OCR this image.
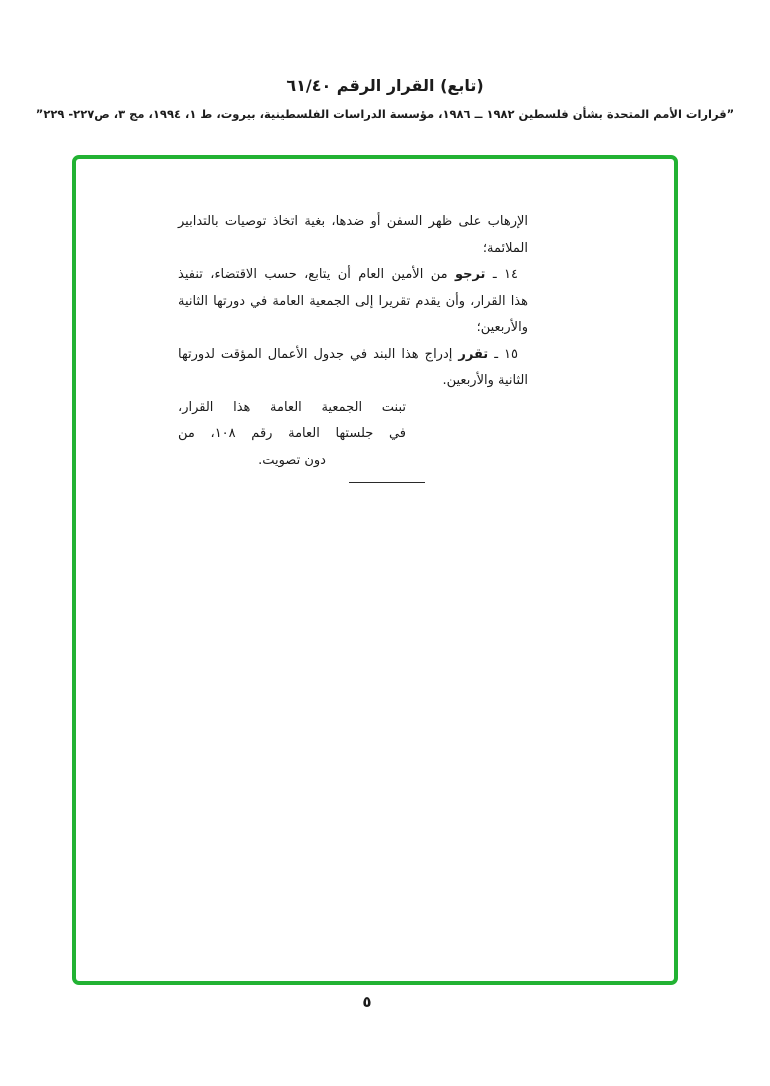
(تابع) القرار الرقم ٦١/٤٠
”قرارات الأمم المتحدة بشأن فلسطين ١٩٨٢ ــ ١٩٨٦، مؤسسة الدراسات الفلسطينية، بيروت، ط ١، ١٩٩٤، مج ٣، ص٢٢٧- ٢٢٩”
الإرهاب على ظهر السفن أو ضدها، بغية اتخاذ توصيات بالتدابير
الملائمة؛
١٤ ـ ترجو من الأمين العام أن يتابع، حسب الاقتضاء، تنفيذ
هذا القرار، وأن يقدم تقريرا إلى الجمعية العامة في دورتها الثانية
والأربعين؛
١٥ ـ تقرر إدراج هذا البند في جدول الأعمال المؤقت لدورتها
الثانية والأربعين.
تبنت الجمعية العامة هذا القرار،
في جلستها العامة رقم ١٠٨، من
دون تصويت.
٥
